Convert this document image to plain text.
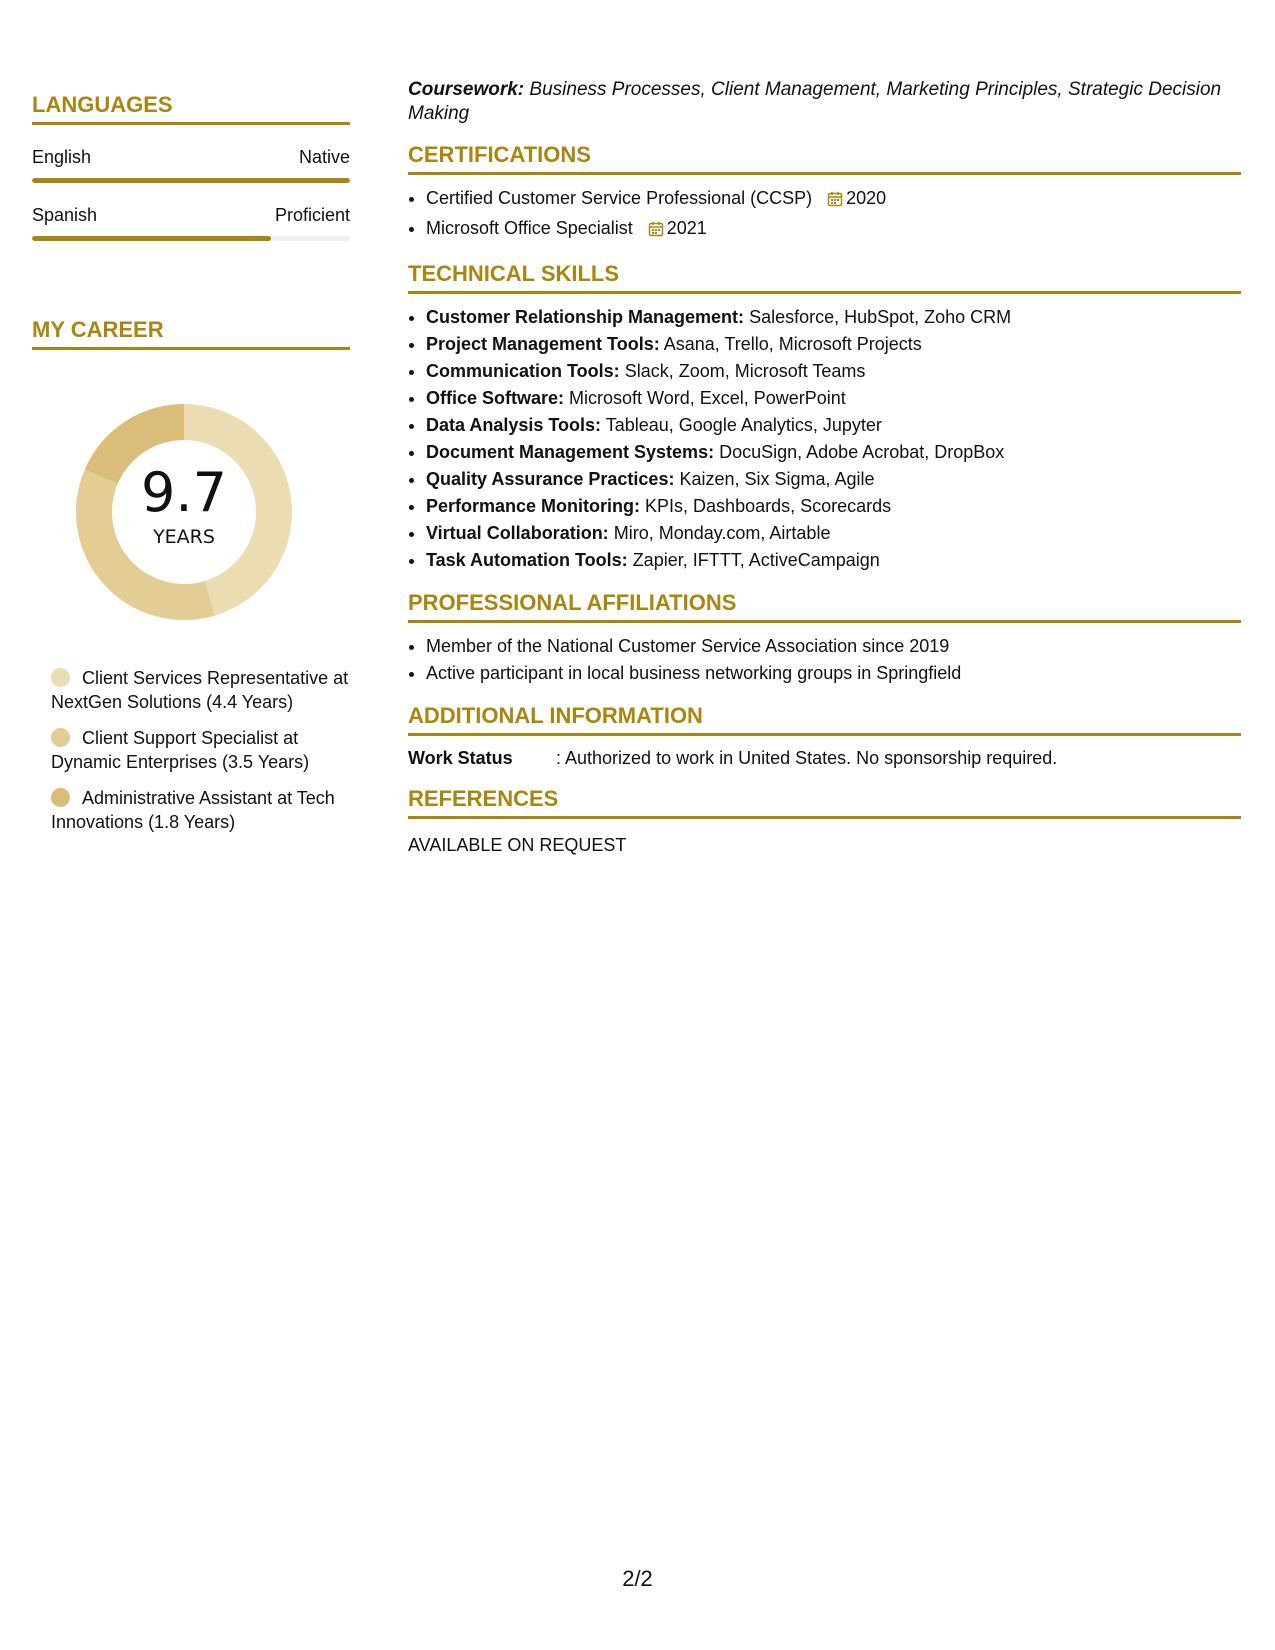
LANGUAGES
English	Native
Spanish	Proficient
MY CAREER
9.7
YEARS
Client Services Representative at NextGen Solutions (4.4 Years)
Client Support Specialist at Dynamic Enterprises (3.5 Years)
Administrative Assistant at Tech Innovations (1.8 Years)
Coursework: Business Processes, Client Management, Marketing Principles, Strategic Decision Making
CERTIFICATIONS
• Certified Customer Service Professional (CCSP) 2020
• Microsoft Office Specialist 2021
TECHNICAL SKILLS
• Customer Relationship Management: Salesforce, HubSpot, Zoho CRM
• Project Management Tools: Asana, Trello, Microsoft Projects
• Communication Tools: Slack, Zoom, Microsoft Teams
• Office Software: Microsoft Word, Excel, PowerPoint
• Data Analysis Tools: Tableau, Google Analytics, Jupyter
• Document Management Systems: DocuSign, Adobe Acrobat, DropBox
• Quality Assurance Practices: Kaizen, Six Sigma, Agile
• Performance Monitoring: KPIs, Dashboards, Scorecards
• Virtual Collaboration: Miro, Monday.com, Airtable
• Task Automation Tools: Zapier, IFTTT, ActiveCampaign
PROFESSIONAL AFFILIATIONS
• Member of the National Customer Service Association since 2019
• Active participant in local business networking groups in Springfield
ADDITIONAL INFORMATION
Work Status	: Authorized to work in United States. No sponsorship required.
REFERENCES
AVAILABLE ON REQUEST
2/2
